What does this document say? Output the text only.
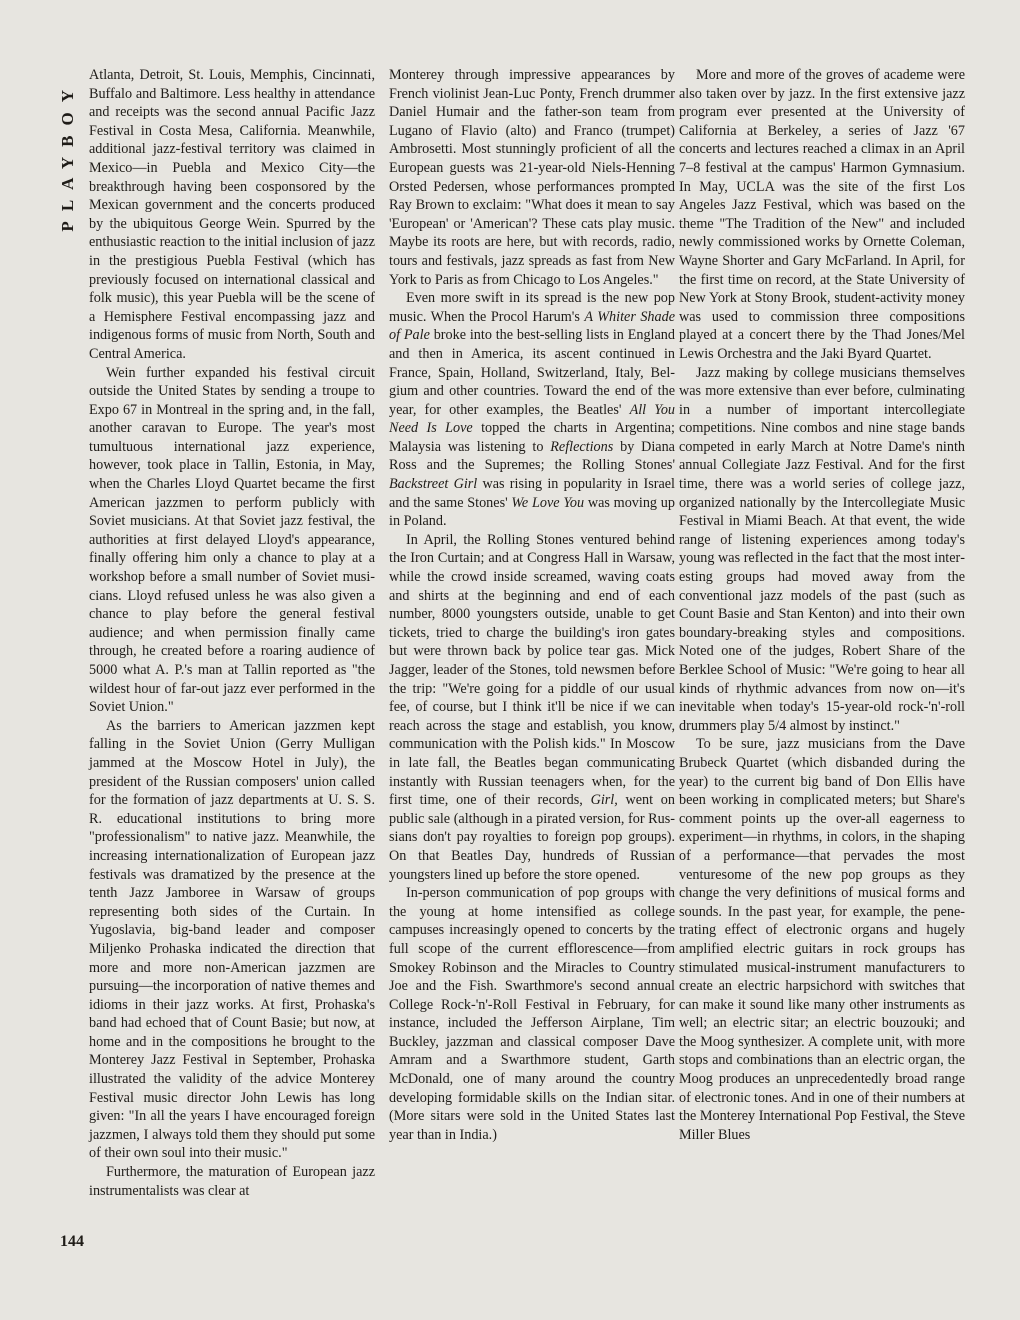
PLAYBOY
144

Atlanta, Detroit, St. Louis, Memphis, Cincinnati, Buffalo and Baltimore. Less healthy in attendance and receipts was the second annual Pacific Jazz Festival in Costa Mesa, California. Meanwhile, additional jazz-festival territory was claimed in Mexico—in Puebla and Mexico City—the breakthrough having been cosponsored by the Mexican government and the concerts produced by the ubiquitous George Wein. Spurred by the enthusiastic reaction to the initial inclusion of jazz in the prestigious Puebla Festival (which has previously focused on international classical and folk music), this year Puebla will be the scene of a Hemisphere Festival encompassing jazz and indigenous forms of music from North, South and Central America.

Wein further expanded his festival circuit outside the United States by sending a troupe to Expo 67 in Montreal in the spring and, in the fall, another caravan to Europe. The year's most tumultuous international jazz experience, however, took place in Tallin, Estonia, in May, when the Charles Lloyd Quartet became the first American jazzmen to perform publicly with Soviet musicians. At that Soviet jazz festival, the authorities at first delayed Lloyd's appearance, finally offering him only a chance to play at a workshop before a small number of Soviet musicians. Lloyd refused unless he was also given a chance to play before the general festival audience; and when permission finally came through, he created before a roaring audience of 5000 what A. P.'s man at Tallin reported as "the wildest hour of far-out jazz ever performed in the Soviet Union."

As the barriers to American jazzmen kept falling in the Soviet Union (Gerry Mulligan jammed at the Moscow Hotel in July), the president of the Russian composers' union called for the formation of jazz departments at U. S. S. R. educational institutions to bring more "professionalism" to native jazz. Meanwhile, the increasing internationalization of European jazz festivals was dramatized by the presence at the tenth Jazz Jamboree in Warsaw of groups representing both sides of the Curtain. In Yugoslavia, big-band leader and composer Miljenko Prohaska indicated the direction that more and more non-American jazzmen are pursuing—the incorporation of native themes and idioms in their jazz works. At first, Prohaska's band had echoed that of Count Basie; but now, at home and in the compositions he brought to the Monterey Jazz Festival in September, Prohaska illustrated the validity of the advice Monterey Festival music director John Lewis has long given: "In all the years I have encouraged foreign jazzmen, I always told them they should put some of their own soul into their music."

Furthermore, the maturation of European jazz instrumentalists was clear at

Monterey through impressive appearances by French violinist Jean-Luc Ponty, French drummer Daniel Humair and the father-son team from Lugano of Flavio (alto) and Franco (trumpet) Ambrosetti. Most stunningly proficient of all the European guests was 21-year-old Niels-Henning Orsted Pedersen, whose performances prompted Ray Brown to exclaim: "What does it mean to say 'European' or 'American'? These cats play music. Maybe its roots are here, but with records, radio, tours and festivals, jazz spreads as fast from New York to Paris as from Chicago to Los Angeles."

Even more swift in its spread is the new pop music. When the Procol Harum's A Whiter Shade of Pale broke into the best-selling lists in England and then in America, its ascent continued in France, Spain, Holland, Switzerland, Italy, Belgium and other countries. Toward the end of the year, for other examples, the Beatles' All You Need Is Love topped the charts in Argentina; Malaysia was listening to Reflections by Diana Ross and the Supremes; the Rolling Stones' Backstreet Girl was rising in popularity in Israel and the same Stones' We Love You was moving up in Poland.

In April, the Rolling Stones ventured behind the Iron Curtain; and at Congress Hall in Warsaw, while the crowd inside screamed, waving coats and shirts at the beginning and end of each number, 8000 youngsters outside, unable to get tickets, tried to charge the building's iron gates but were thrown back by police tear gas. Mick Jagger, leader of the Stones, told newsmen before the trip: "We're going for a piddle of our usual fee, of course, but I think it'll be nice if we can reach across the stage and establish, you know, communication with the Polish kids." In Moscow in late fall, the Beatles began communicating instantly with Russian teenagers when, for the first time, one of their records, Girl, went on public sale (although in a pirated version, for Russians don't pay royalties to foreign pop groups). On that Beatles Day, hundreds of Russian youngsters lined up before the store opened.

In-person communication of pop groups with the young at home intensified as college campuses increasingly opened to concerts by the full scope of the current efflorescence—from Smokey Robinson and the Miracles to Country Joe and the Fish. Swarthmore's second annual College Rock-'n'-Roll Festival in February, for instance, included the Jefferson Airplane, Tim Buckley, jazzman and classical composer Dave Amram and a Swarthmore student, Garth McDonald, one of many around the country developing formidable skills on the Indian sitar. (More sitars were sold in the United States last year than in India.)

More and more of the groves of academe were also taken over by jazz. In the first extensive jazz program ever presented at the University of California at Berkeley, a series of Jazz '67 concerts and lectures reached a climax in an April 7–8 festival at the campus' Harmon Gymnasium. In May, UCLA was the site of the first Los Angeles Jazz Festival, which was based on the theme "The Tradition of the New" and included newly commissioned works by Ornette Coleman, Wayne Shorter and Gary McFarland. In April, for the first time on record, at the State University of New York at Stony Brook, student-activity money was used to commission three compositions played at a concert there by the Thad Jones/Mel Lewis Orchestra and the Jaki Byard Quartet.

Jazz making by college musicians themselves was more extensive than ever before, culminating in a number of important intercollegiate competitions. Nine combos and nine stage bands competed in early March at Notre Dame's ninth annual Collegiate Jazz Festival. And for the first time, there was a world series of college jazz, organized nationally by the Intercollegiate Music Festival in Miami Beach. At that event, the wide range of listening experiences among today's young was reflected in the fact that the most interesting groups had moved away from the conventional jazz models of the past (such as Count Basie and Stan Kenton) and into their own boundary-breaking styles and compositions. Noted one of the judges, Robert Share of the Berklee School of Music: "We're going to hear all kinds of rhythmic advances from now on—it's inevitable when today's 15-year-old rock-'n'-roll drummers play 5/4 almost by instinct."

To be sure, jazz musicians from the Dave Brubeck Quartet (which disbanded during the year) to the current big band of Don Ellis have been working in complicated meters; but Share's comment points up the over-all eagerness to experiment—in rhythms, in colors, in the shaping of a performance—that pervades the most venturesome of the new pop groups as they change the very definitions of musical forms and sounds. In the past year, for example, the penetrating effect of electronic organs and hugely amplified electric guitars in rock groups has stimulated musical-instrument manufacturers to create an electric harpsichord with switches that can make it sound like many other instruments as well; an electric sitar; an electric bouzouki; and the Moog synthesizer. A complete unit, with more stops and combinations than an electric organ, the Moog produces an unprecedentedly broad range of electronic tones. And in one of their numbers at the Monterey International Pop Festival, the Steve Miller Blues
